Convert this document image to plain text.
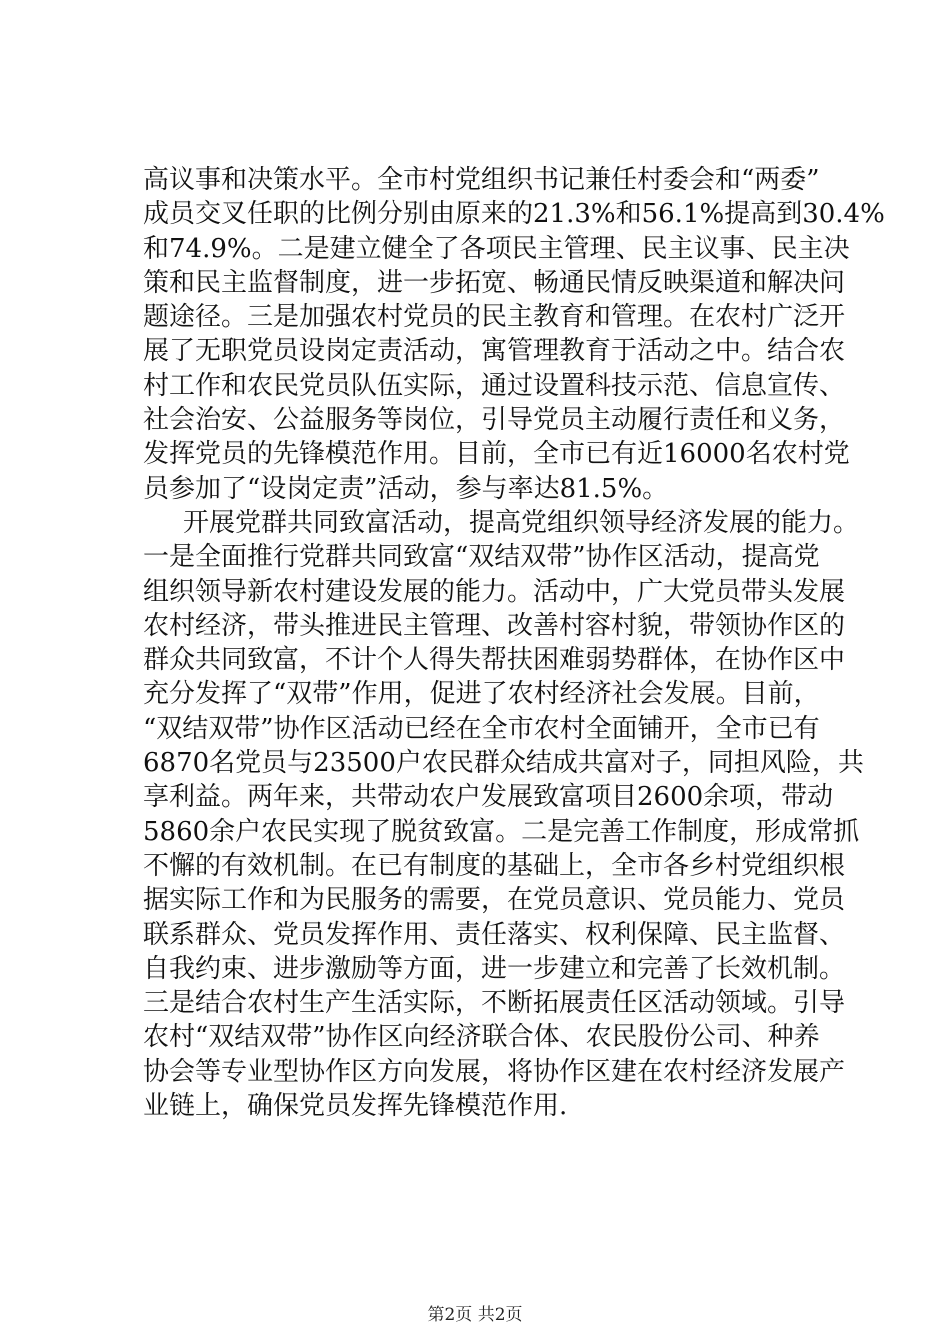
高议事和决策水平。全市村党组织书记兼任村委会和“两委”
成员交叉任职的比例分别由原来的21.3%和56.1%提高到30.4%
和74.9%。二是建立健全了各项民主管理、民主议事、民主决
策和民主监督制度，进一步拓宽、畅通民情反映渠道和解决问
题途径。三是加强农村党员的民主教育和管理。在农村广泛开
展了无职党员设岗定责活动，寓管理教育于活动之中。结合农
村工作和农民党员队伍实际，通过设置科技示范、信息宣传、
社会治安、公益服务等岗位，引导党员主动履行责任和义务，
发挥党员的先锋模范作用。目前，全市已有近16000名农村党
员参加了“设岗定责”活动，参与率达81.5%。
开展党群共同致富活动，提高党组织领导经济发展的能力。
一是全面推行党群共同致富“双结双带”协作区活动，提高党
组织领导新农村建设发展的能力。活动中，广大党员带头发展
农村经济，带头推进民主管理、改善村容村貌，带领协作区的
群众共同致富，不计个人得失帮扶困难弱势群体，在协作区中
充分发挥了“双带”作用，促进了农村经济社会发展。目前，
“双结双带”协作区活动已经在全市农村全面铺开，全市已有
6870名党员与23500户农民群众结成共富对子，同担风险，共
享利益。两年来，共带动农户发展致富项目2600余项，带动
5860余户农民实现了脱贫致富。二是完善工作制度，形成常抓
不懈的有效机制。在已有制度的基础上，全市各乡村党组织根
据实际工作和为民服务的需要，在党员意识、党员能力、党员
联系群众、党员发挥作用、责任落实、权利保障、民主监督、
自我约束、进步激励等方面，进一步建立和完善了长效机制。
三是结合农村生产生活实际，不断拓展责任区活动领域。引导
农村“双结双带”协作区向经济联合体、农民股份公司、种养
协会等专业型协作区方向发展，将协作区建在农村经济发展产
业链上，确保党员发挥先锋模范作用.
第2页 共2页
